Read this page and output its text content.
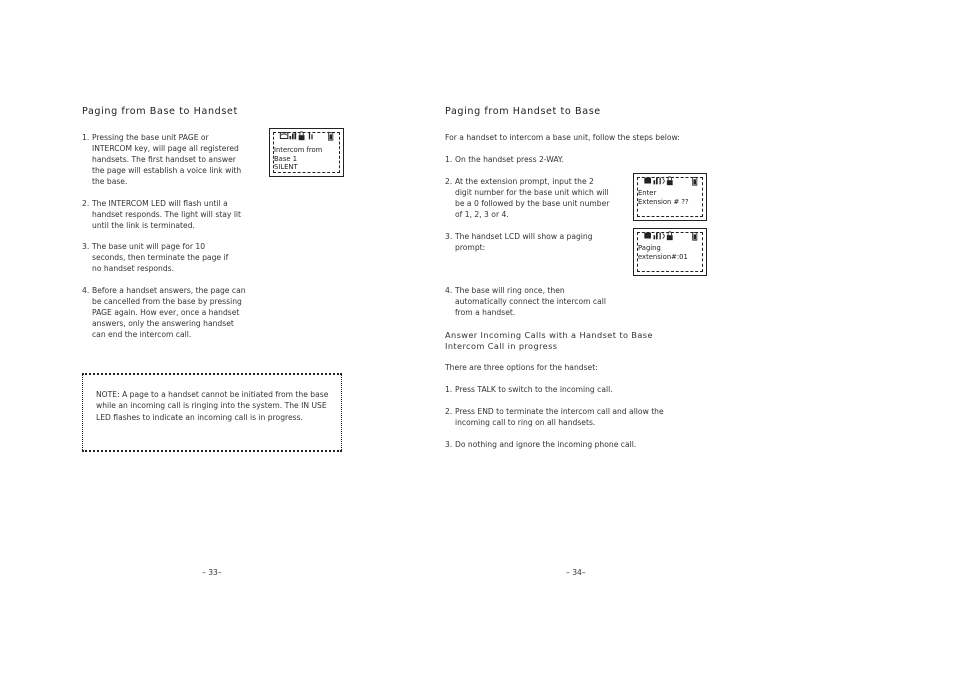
Paging from Base to Handset
1. Pressing the base unit PAGE or INTERCOM key, will page all registered handsets. The first handset to answer the page will establish a voice link with the base.
2. The INTERCOM LED will flash until a handset responds. The light will stay lit until the link is terminated.
3. The base unit will page for 10 seconds, then terminate the page if no handset responds.
4. Before a handset answers, the page can be cancelled from the base by pressing PAGE again. How ever, once a handset answers, only the answering handset can end the intercom call.
Intercom from
Base 1
SILENT
NOTE: A page to a handset cannot be initiated from the base while an incoming call is ringing into the system. The IN USE LED flashes to indicate an incoming call is in progress.
– 33–
Paging from Handset to Base
For a handset to intercom a base unit, follow the steps below:
1. On the handset press 2-WAY.
2. At the extension prompt, input the 2 digit number for the base unit which will be a 0 followed by the base unit number of 1, 2, 3 or 4.
3. The handset LCD will show a paging prompt:
4. The base will ring once, then automatically connect the intercom call from a handset.
Enter
Extension # ??
Paging
extension#:01
Answer Incoming Calls with a Handset to Base
Intercom Call in progress
There are three options for the handset:
1. Press TALK to switch to the incoming call.
2. Press END to terminate the intercom call and allow the incoming call to ring on all handsets.
3. Do nothing and ignore the incoming phone call.
– 34–
